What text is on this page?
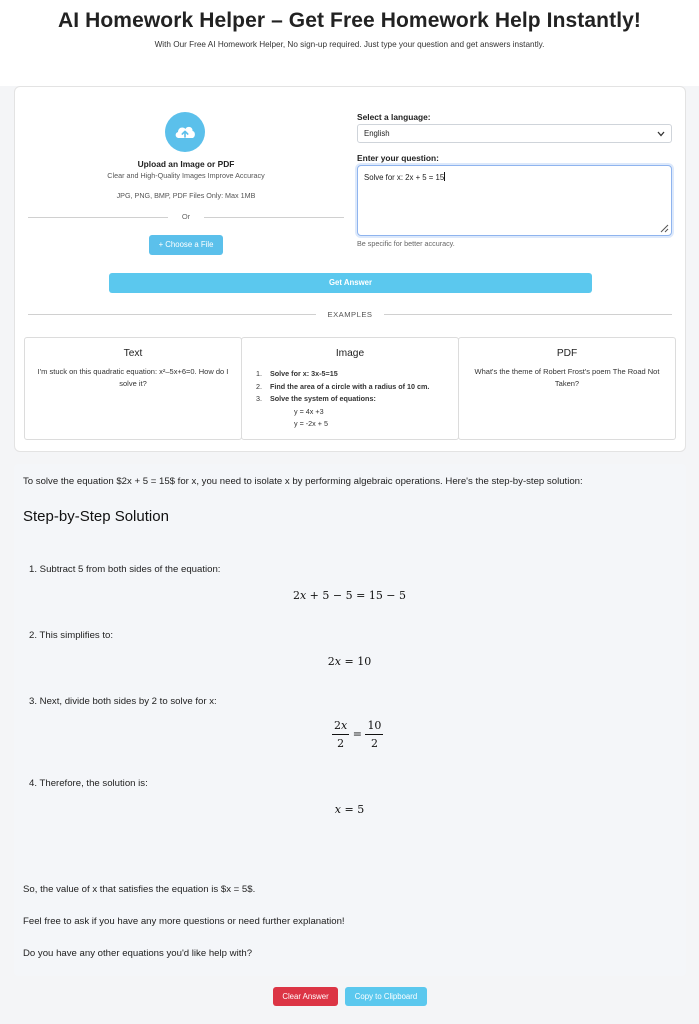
AI Homework Helper – Get Free Homework Help Instantly!
With Our Free AI Homework Helper, No sign-up required. Just type your question and get answers instantly.
Upload an Image or PDF
Clear and High-Quality Images Improve Accuracy
JPG, PNG, BMP, PDF Files Only: Max 1MB
Or
+ Choose a File
Select a language:
English
Enter your question:
Solve for x: 2x + 5 = 15
Be specific for better accuracy.
Get Answer
EXAMPLES
Text
I'm stuck on this quadratic equation: x²–5x+6=0. How do I solve it?
Image
1. Solve for x: 3x-5=15
2. Find the area of a circle with a radius of 10 cm.
3. Solve the system of equations:
y = 4x +3
y = -2x + 5
PDF
What's the theme of Robert Frost's poem The Road Not Taken?
To solve the equation $2x + 5 = 15$ for x, you need to isolate x by performing algebraic operations. Here's the step-by-step solution:
Step-by-Step Solution
1. Subtract 5 from both sides of the equation:
2x + 5 − 5 = 15 − 5
2. This simplifies to:
2x = 10
3. Next, divide both sides by 2 to solve for x:
$\frac{2x}{2} = \frac{10}{2}$
4. Therefore, the solution is:
x = 5
So, the value of x that satisfies the equation is $x = 5$.
Feel free to ask if you have any more questions or need further explanation!
Do you have any other equations you'd like help with?
Clear Answer	Copy to Clipboard
